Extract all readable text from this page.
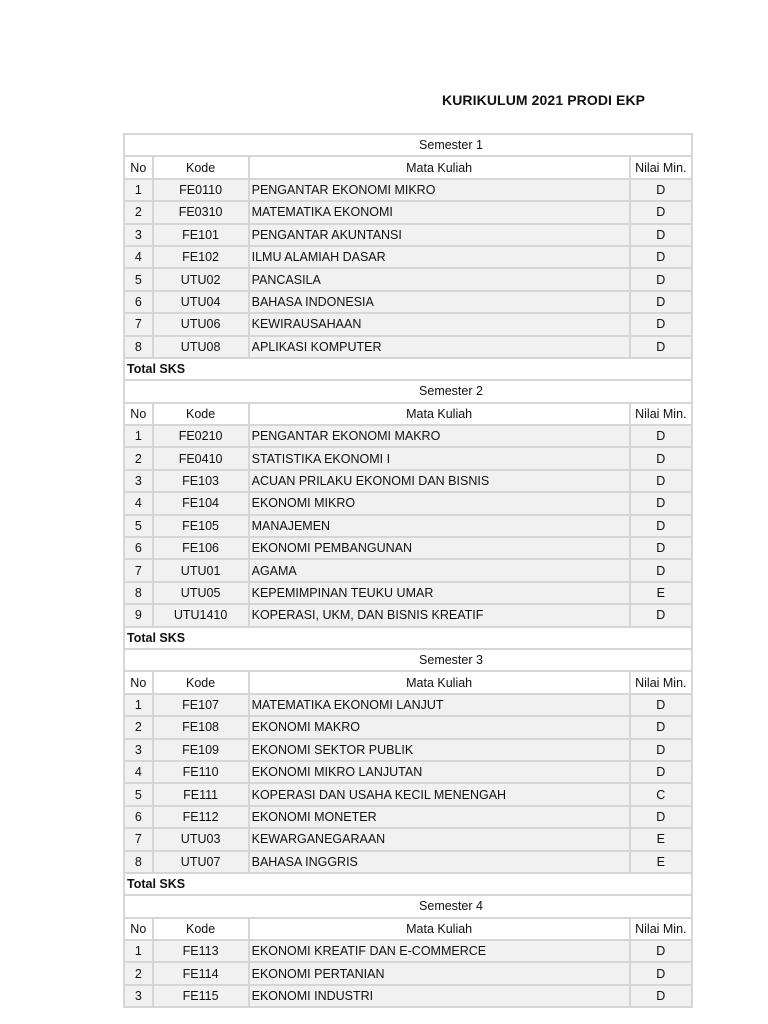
KURIKULUM 2021 PRODI EKP
Semester 1			
No	Kode	Mata Kuliah	Nilai Min.
1	FE0110	PENGANTAR EKONOMI MIKRO	D
2	FE0310	MATEMATIKA EKONOMI	D
3	FE101	PENGANTAR AKUNTANSI	D
4	FE102	ILMU ALAMIAH DASAR	D
5	UTU02	PANCASILA	D
6	UTU04	BAHASA INDONESIA	D
7	UTU06	KEWIRAUSAHAAN	D
8	UTU08	APLIKASI KOMPUTER	D
Total SKS			
Semester 2			
No	Kode	Mata Kuliah	Nilai Min.
1	FE0210	PENGANTAR EKONOMI MAKRO	D
2	FE0410	STATISTIKA EKONOMI I	D
3	FE103	ACUAN PRILAKU EKONOMI DAN BISNIS	D
4	FE104	EKONOMI MIKRO	D
5	FE105	MANAJEMEN	D
6	FE106	EKONOMI PEMBANGUNAN	D
7	UTU01	AGAMA	D
8	UTU05	KEPEMIMPINAN TEUKU UMAR	E
9	UTU1410	KOPERASI, UKM, DAN BISNIS KREATIF	D
Total SKS			
Semester 3			
No	Kode	Mata Kuliah	Nilai Min.
1	FE107	MATEMATIKA EKONOMI LANJUT	D
2	FE108	EKONOMI MAKRO	D
3	FE109	EKONOMI SEKTOR PUBLIK	D
4	FE110	EKONOMI MIKRO LANJUTAN	D
5	FE111	KOPERASI DAN USAHA KECIL MENENGAH	C
6	FE112	EKONOMI MONETER	D
7	UTU03	KEWARGANEGARAAN	E
8	UTU07	BAHASA INGGRIS	E
Total SKS			
Semester 4			
No	Kode	Mata Kuliah	Nilai Min.
1	FE113	EKONOMI KREATIF DAN E-COMMERCE	D
2	FE114	EKONOMI PERTANIAN	D
3	FE115	EKONOMI INDUSTRI	D
